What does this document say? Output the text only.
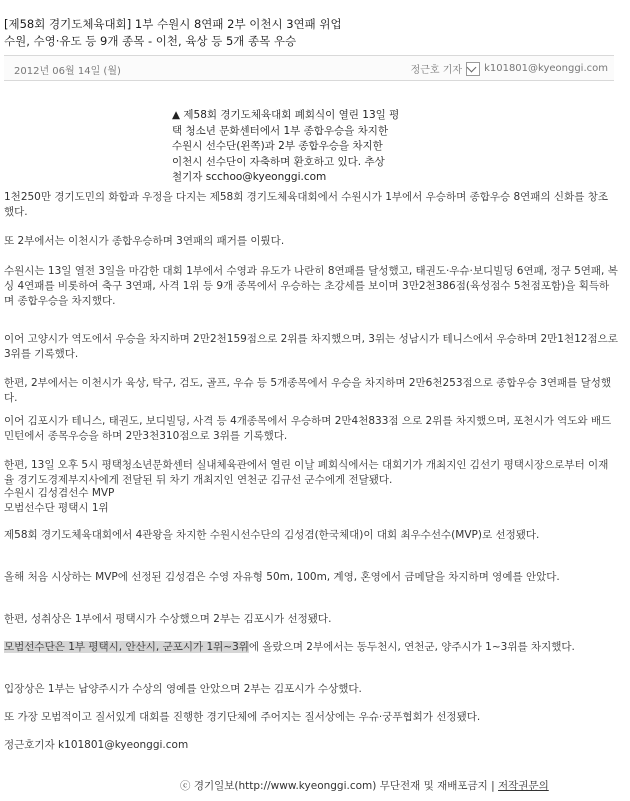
[제58회 경기도체육대회] 1부 수원시 8연패 2부 이천시 3연패 위업
수원, 수영·유도 등 9개 종목 - 이천, 육상 등 5개 종목 우승
2012년 06월 14일 (월)	정근호 기자 k101801@kyeonggi.com
▲ 제58회 경기도체육대회 폐회식이 열린 13일 평
택 청소년 문화센터에서 1부 종합우승을 차지한
수원시 선수단(왼쪽)과 2부 종합우승을 차지한
이천시 선수단이 자축하며 환호하고 있다. 추상
철기자 scchoo@kyeonggi.com

1천250만 경기도민의 화합과 우정을 다지는 제58회 경기도체육대회에서 수원시가 1부에서 우승하며 종합우승 8연패의 신화를 창조했다.

또 2부에서는 이천시가 종합우승하며 3연패의 패거를 이뤘다.

수원시는 13일 열전 3일을 마감한 대회 1부에서 수영과 유도가 나란히 8연패를 달성했고, 태권도·우슈·보디빌딩 6연패, 정구 5연패, 복싱 4연패를 비롯하여 축구 3연패, 사격 1위 등 9개 종목에서 우승하는 초강세를 보이며 3만2천386점(육성점수 5천점포함)을 획득하며 종합우승을 차지했다.

이어 고양시가 역도에서 우승을 차지하며 2만2천159점으로 2위를 차지했으며, 3위는 성남시가 테니스에서 우승하며 2만1천12점으로 3위를 기록했다.

한편, 2부에서는 이천시가 육상, 탁구, 검도, 골프, 우슈 등 5개종목에서 우승을 차지하며 2만6천253점으로 종합우승 3연패를 달성했다.

이어 김포시가 테니스, 태권도, 보디빌딩, 사격 등 4개종목에서 우승하며 2만4천833점 으로 2위를 차지했으며, 포천시가 역도와 배드민턴에서 종목우승을 하며 2만3천310점으로 3위를 기록했다.

한편, 13일 오후 5시 평택청소년문화센터 실내체육관에서 열린 이날 폐회식에서는 대회기가 개최지인 김선기 평택시장으로부터 이재율 경기도경제부지사에게 전달된 뒤 차기 개최지인 연천군 김규선 군수에게 전달됐다.

수원시 김성겸선수 MVP

모범선수단 평택시 1위

제58회 경기도체육대회에서 4관왕을 차지한 수원시선수단의 김성겸(한국체대)이 대회 최우수선수(MVP)로 선정됐다.

올해 처음 시상하는 MVP에 선정된 김성겸은 수영 자유형 50m, 100m, 계영, 혼영에서 금메달을 차지하며 영예를 안았다.

한편, 성취상은 1부에서 평택시가 수상했으며 2부는 김포시가 선정됐다.

모범선수단은 1부 평택시, 안산시, 군포시가 1위~3위에 올랐으며 2부에서는 동두천시, 연천군, 양주시가 1~3위를 차지했다.

입장상은 1부는 남양주시가 수상의 영예를 안았으며 2부는 김포시가 수상했다.

또 가장 모범적이고 질서있게 대회를 진행한 경기단체에 주어지는 질서상에는 우슈·궁푸협회가 선정됐다.

정근호기자 k101801@kyeonggi.com

ⓒ 경기일보(http://www.kyeonggi.com) 무단전재 및 재배포금지 | 저작권문의
